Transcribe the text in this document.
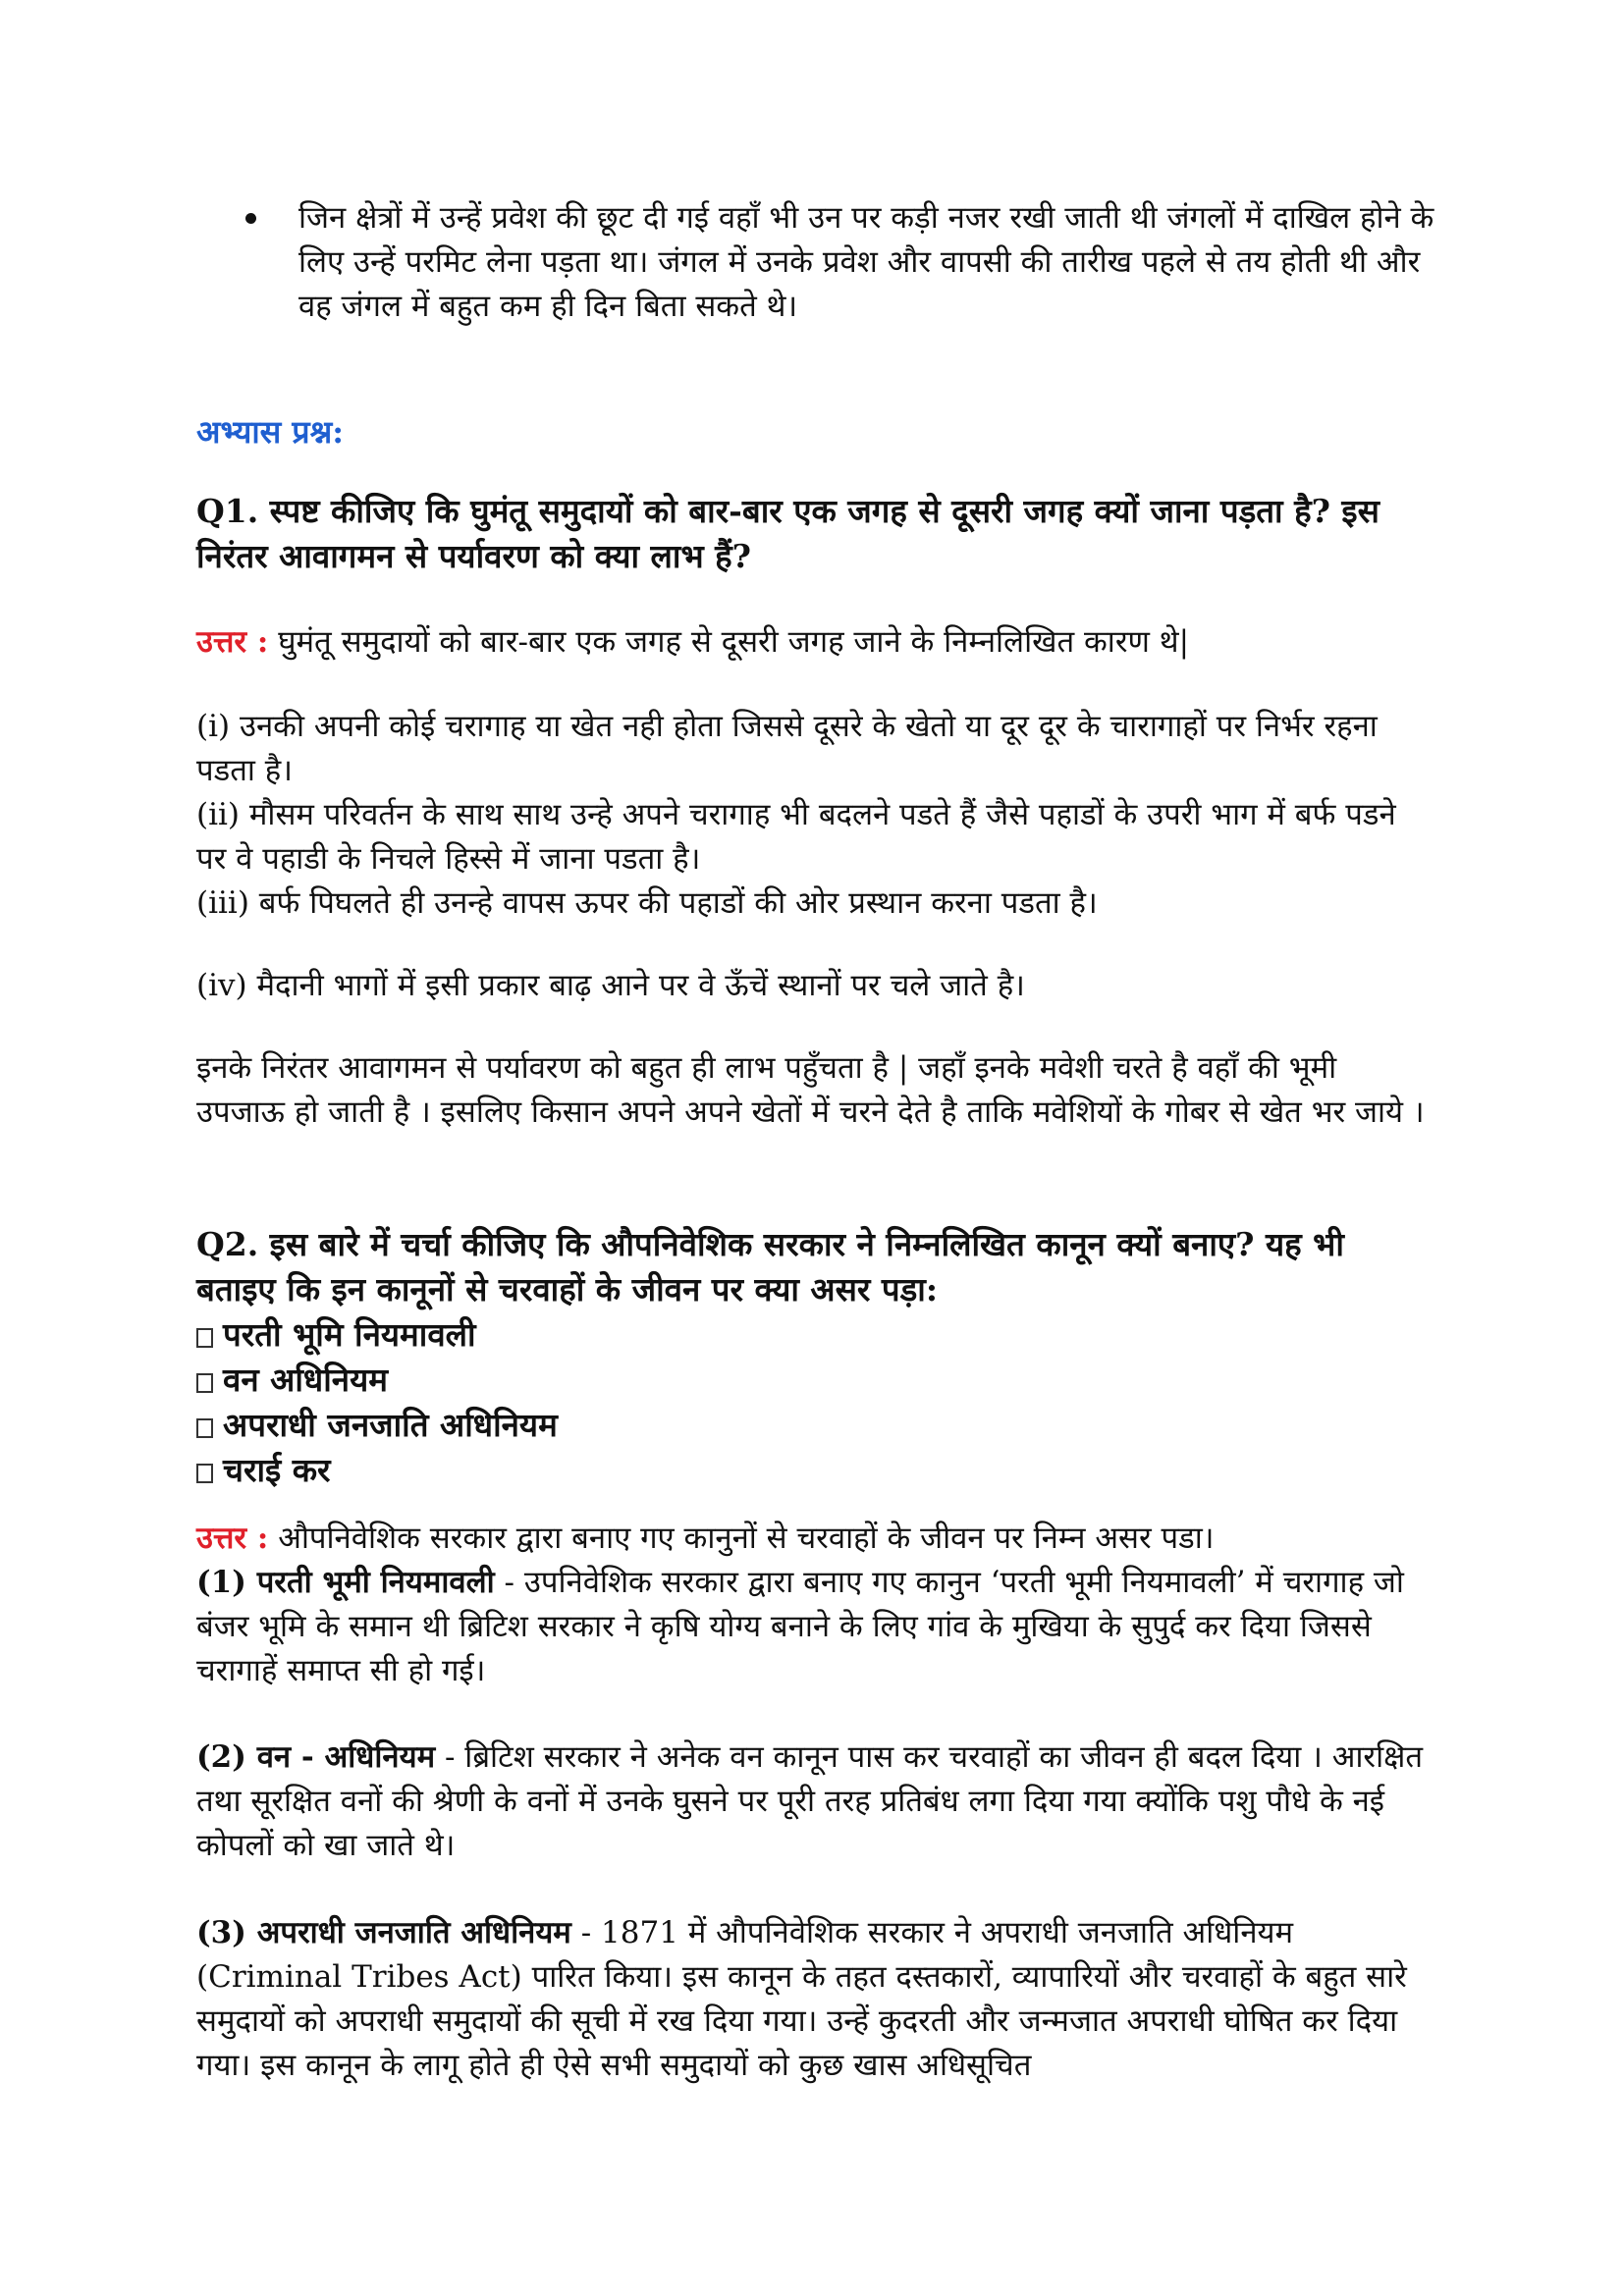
जिन क्षेत्रों में उन्हें प्रवेश की छूट दी गई वहाँ भी उन पर कड़ी नजर रखी जाती थी जंगलों में दाखिल होने के लिए उन्हें परमिट लेना पड़ता था। जंगल में उनके प्रवेश और वापसी की तारीख पहले से तय होती थी और वह जंगल में बहुत कम ही दिन बिता सकते थे।

अभ्यास प्रश्न:

Q1. स्पष्ट कीजिए कि घुमंतू समुदायों को बार-बार एक जगह से दूसरी जगह क्यों जाना पड़ता है? इस निरंतर आवागमन से पर्यावरण को क्या लाभ हैं?

उत्तर : घुमंतू समुदायों को बार-बार एक जगह से दूसरी जगह जाने के निम्नलिखित कारण थे|

(i) उनकी अपनी कोई चरागाह या खेत नही होता जिससे दूसरे के खेतो या दूर दूर के चारागाहों पर निर्भर रहना पडता है।

(ii) मौसम परिवर्तन के साथ साथ उन्हे अपने चरागाह भी बदलने पडते हैं जैसे पहाडों के उपरी भाग में बर्फ पडने पर वे पहाडी के निचले हिस्से में जाना पडता है।

(iii) बर्फ पिघलते ही उनन्हे वापस ऊपर की पहाडों की ओर प्रस्थान करना पडता है।

(iv) मैदानी भागों में इसी प्रकार बाढ़ आने पर वे ऊँचें स्थानों पर चले जाते है।

इनके निरंतर आवागमन से पर्यावरण को बहुत ही लाभ पहुँचता है | जहाँ इनके मवेशी चरते है वहाँ की भूमी उपजाऊ हो जाती है । इसलिए किसान अपने अपने खेतों में चरने देते है ताकि मवेशियों के गोबर से खेत भर जाये ।

Q2. इस बारे में चर्चा कीजिए कि औपनिवेशिक सरकार ने निम्नलिखित कानून क्यों बनाए? यह भी बताइए कि इन कानूनों से चरवाहों के जीवन पर क्या असर पड़ा:

परती भूमि नियमावली
वन अधिनियम
अपराधी जनजाति अधिनियम
चराई कर

उत्तर : औपनिवेशिक सरकार द्वारा बनाए गए कानुनों से चरवाहों के जीवन पर निम्न असर पडा।

(1) परती भूमी नियमावली - उपनिवेशिक सरकार द्वारा बनाए गए कानुन ‘परती भूमी नियमावली’ में चरागाह जो बंजर भूमि के समान थी ब्रिटिश सरकार ने कृषि योग्य बनाने के लिए गांव के मुखिया के सुपुर्द कर दिया जिससे चरागाहें समाप्त सी हो गई।

(2) वन - अधिनियम - ब्रिटिश सरकार ने अनेक वन कानून पास कर चरवाहों का जीवन ही बदल दिया । आरक्षित तथा सूरक्षित वनों की श्रेणी के वनों में उनके घुसने पर पूरी तरह प्रतिबंध लगा दिया गया क्योंकि पशु पौधे के नई कोपलों को खा जाते थे।

(3) अपराधी जनजाति अधिनियम - 1871 में औपनिवेशिक सरकार ने अपराधी जनजाति अधिनियम (Criminal Tribes Act) पारित किया। इस कानून के तहत दस्तकारों, व्यापारियों और चरवाहों के बहुत सारे समुदायों को अपराधी समुदायों की सूची में रख दिया गया। उन्हें कुदरती और जन्मजात अपराधी घोषित कर दिया गया। इस कानून के लागू होते ही ऐसे सभी समुदायों को कुछ खास अधिसूचित
